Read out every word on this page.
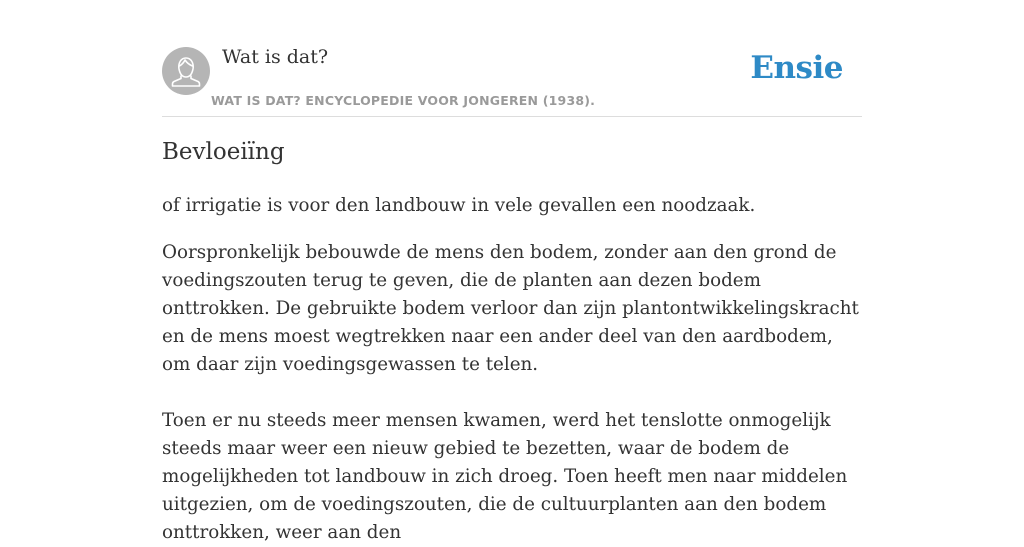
Wat is dat?
WAT IS DAT? ENCYCLOPEDIE VOOR JONGEREN (1938).
Ensie
Bevloeiïng

of irrigatie is voor den landbouw in vele gevallen een noodzaak.

Oorspronkelijk bebouwde de mens den bodem, zonder aan den grond de voedingszouten terug te geven, die de planten aan dezen bodem onttrokken. De gebruikte bodem verloor dan zijn plantontwikkelingskracht en de mens moest wegtrekken naar een ander deel van den aardbodem, om daar zijn voedingsgewassen te telen.

Toen er nu steeds meer mensen kwamen, werd het tenslotte onmogelijk steeds maar weer een nieuw gebied te bezetten, waar de bodem de mogelijkheden tot landbouw in zich droeg. Toen heeft men naar middelen uitgezien, om de voedingszouten, die de cultuurplanten aan den bodem onttrokken, weer aan den
